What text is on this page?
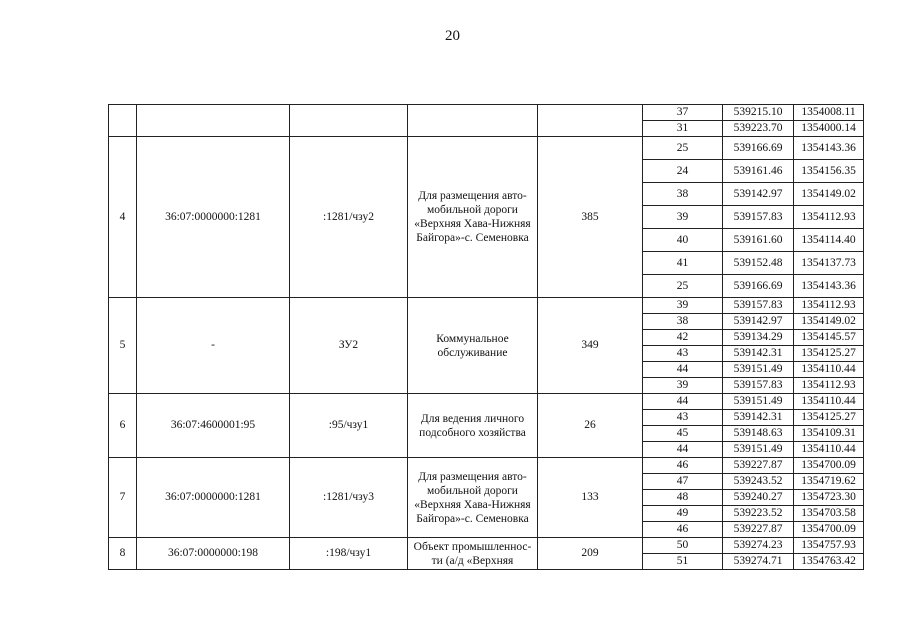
20
					37	539215.10	1354008.11
					31	539223.70	1354000.14
4	36:07:0000000:1281	:1281/чзу2	Для размещения авто-мобильной дороги «Верхняя Хава-Нижняя Байгора»-с. Семеновка	385	25	539166.69	1354143.36
					24	539161.46	1354156.35
					38	539142.97	1354149.02
					39	539157.83	1354112.93
					40	539161.60	1354114.40
					41	539152.48	1354137.73
					25	539166.69	1354143.36
5	-	ЗУ2	Коммунальное обслуживание	349	39	539157.83	1354112.93
					38	539142.97	1354149.02
					42	539134.29	1354145.57
					43	539142.31	1354125.27
					44	539151.49	1354110.44
					39	539157.83	1354112.93
6	36:07:4600001:95	:95/чзу1	Для ведения личного подсобного хозяйства	26	44	539151.49	1354110.44
					43	539142.31	1354125.27
					45	539148.63	1354109.31
					44	539151.49	1354110.44
7	36:07:0000000:1281	:1281/чзу3	Для размещения авто-мобильной дороги «Верхняя Хава-Нижняя Байгора»-с. Семеновка	133	46	539227.87	1354700.09
					47	539243.52	1354719.62
					48	539240.27	1354723.30
					49	539223.52	1354703.58
					46	539227.87	1354700.09
8	36:07:0000000:198	:198/чзу1	Объект промышленнос-ти (а/д «Верхняя	209	50	539274.23	1354757.93
					51	539274.71	1354763.42
